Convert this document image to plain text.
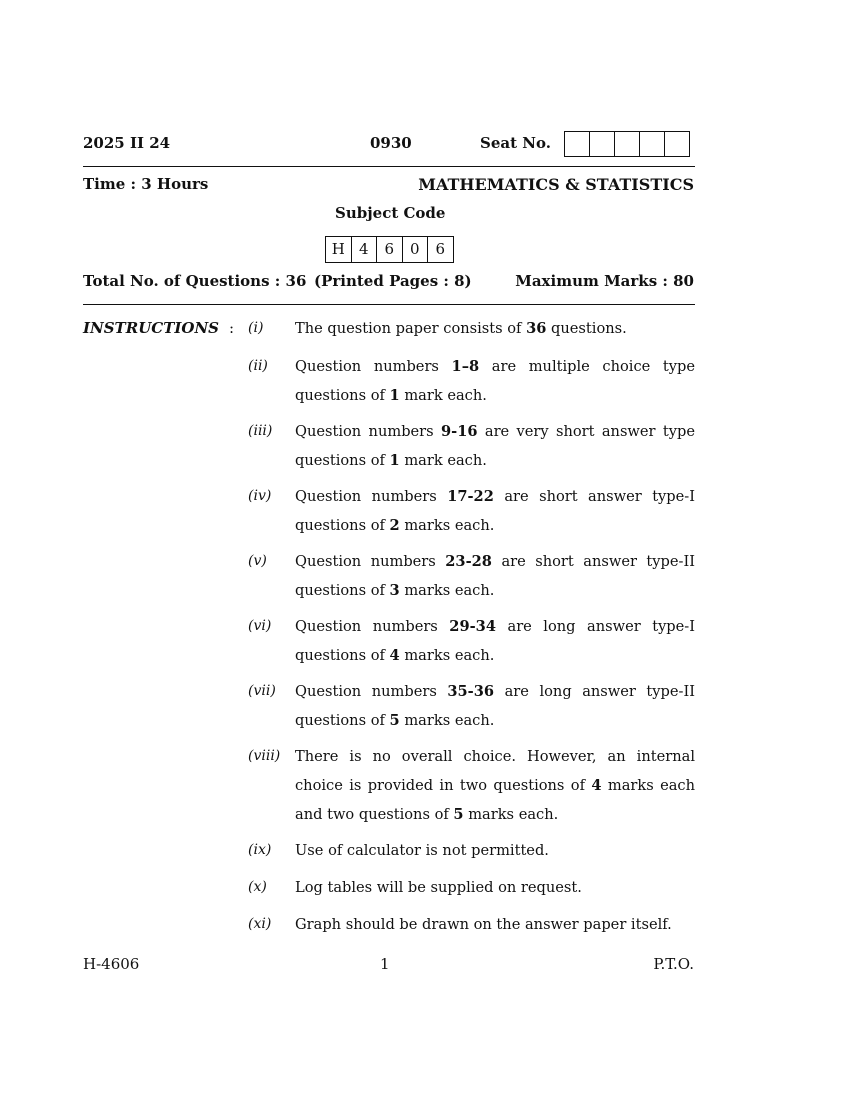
2025 II 24	0930	Seat No.
Time : 3 Hours	MATHEMATICS & STATISTICS
Subject Code
H 4	6	0	6
Total No. of Questions : 36 (Printed Pages : 8)	Maximum Marks : 80
INSTRUCTIONS : (i) The question paper consists of 36 questions.
(ii) Question numbers 1–8 are multiple choice type questions of 1 mark each.
(iii) Question numbers 9-16 are very short answer type questions of 1 mark each.
(iv) Question numbers 17-22 are short answer type-I questions of 2 marks each.
(v) Question numbers 23-28 are short answer type-II questions of 3 marks each.
(vi) Question numbers 29-34 are long answer type-I questions of 4 marks each.
(vii) Question numbers 35-36 are long answer type-II questions of 5 marks each.
(viii) There is no overall choice. However, an internal choice is provided in two questions of 4 marks each and two questions of 5 marks each.
(ix) Use of calculator is not permitted.
(x) Log tables will be supplied on request.
(xi) Graph should be drawn on the answer paper itself.
H-4606	1	P.T.O.
